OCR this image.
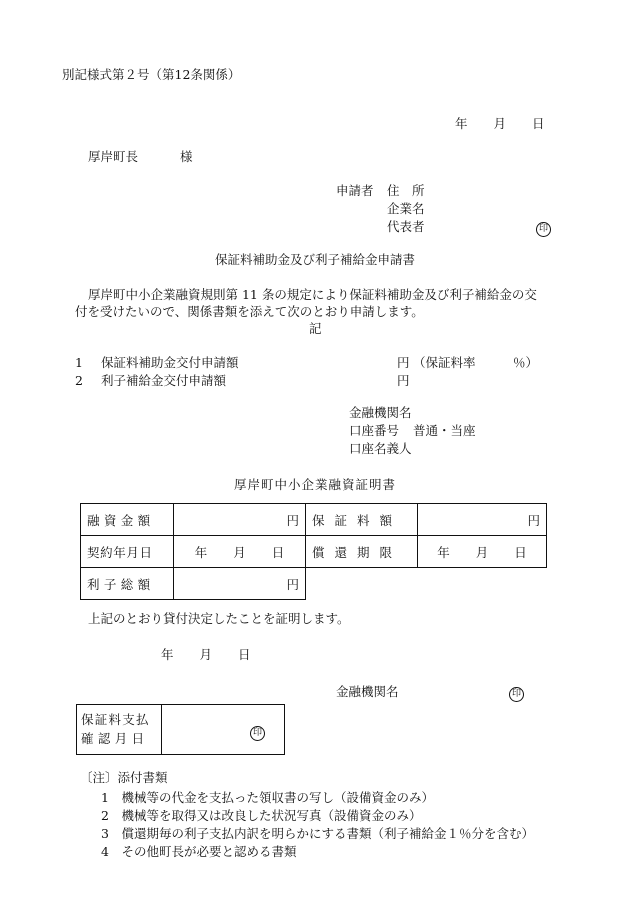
別記様式第２号（第12条関係）
年 月 日
厚岸町長	様
申請者 住　所
企業名
代表者	印
保証料補助金及び利子補給金申請書
厚岸町中小企業融資規則第 11 条の規定により保証料補助金及び利子補給金の交
付を受けたいので、関係書類を添えて次のとおり申請します。
記
1 保証料補助金交付申請額	円 （保証料率　　　％）
2 利子補給金交付申請額	円
金融機関名
口座番号 普通・当座
口座名義人
厚岸町中小企業融資証明書
融資金額	円	保証料額	円
契約年月日	年 月 日	償還期限	年 月 日
利子総額	円		
上記のとおり貸付決定したことを証明します。
年 月 日
金融機関名	印
保証料支払
確認月日	印
〔注〕添付書類
1　機械等の代金を支払った領収書の写し（設備資金のみ）
2　機械等を取得又は改良した状況写真（設備資金のみ）
3　償還期毎の利子支払内訳を明らかにする書類（利子補給金１％分を含む）
4　その他町長が必要と認める書類
